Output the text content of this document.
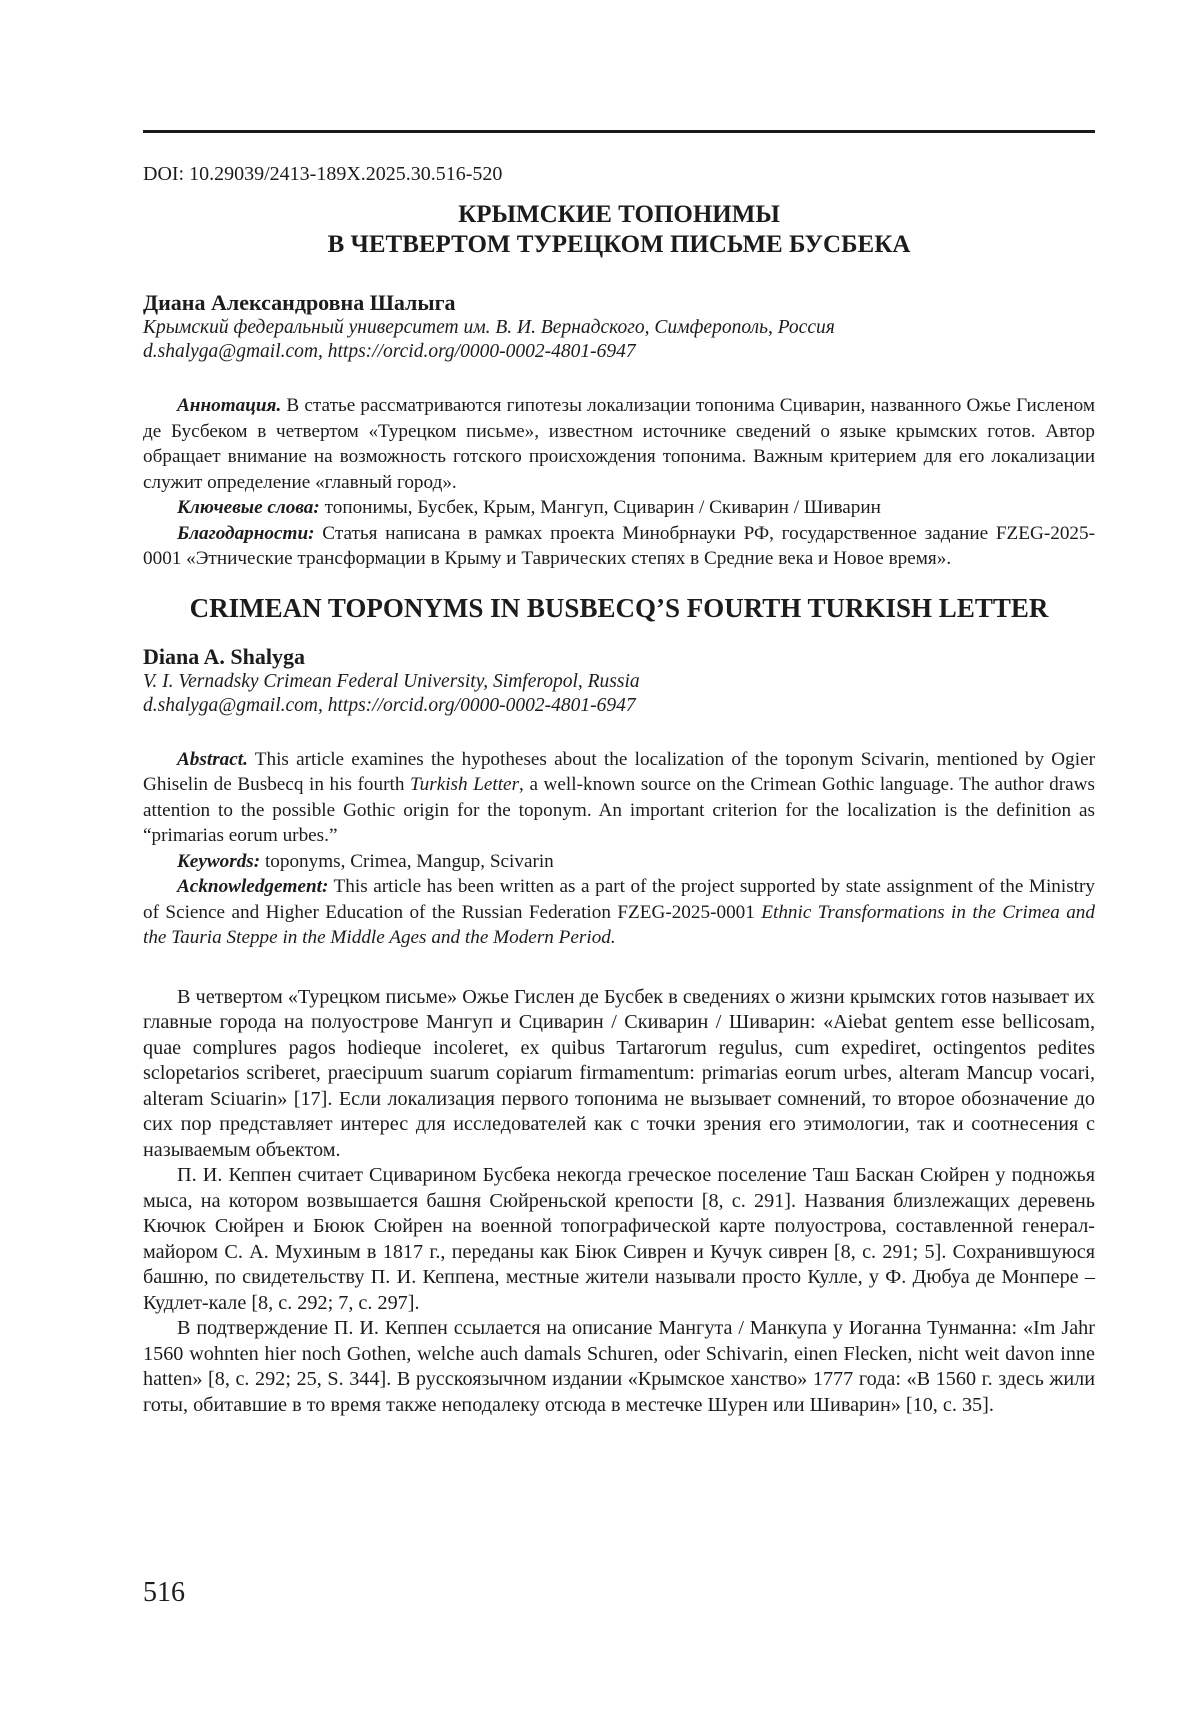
DOI: 10.29039/2413-189X.2025.30.516-520
КРЫМСКИЕ ТОПОНИМЫ
В ЧЕТВЕРТОМ ТУРЕЦКОМ ПИСЬМЕ БУСБЕКА
Диана Александровна Шалыга
Крымский федеральный университет им. В. И. Вернадского, Симферополь, Россия
d.shalyga@gmail.com, https://orcid.org/0000-0002-4801-6947

Аннотация. В статье рассматриваются гипотезы локализации топонима Сциварин, названного Ожье Гисленом де Бусбеком в четвертом «Турецком письме», известном источнике сведений о языке крымских готов. Автор обращает внимание на возможность готского происхождения топонима. Важным критерием для его локализации служит определение «главный город».

Ключевые слова: топонимы, Бусбек, Крым, Мангуп, Сциварин / Скиварин / Шиварин

Благодарности: Статья написана в рамках проекта Минобрнауки РФ, государственное задание FZEG-2025-0001 «Этнические трансформации в Крыму и Таврических степях в Средние века и Новое время».

CRIMEAN TOPONYMS IN BUSBECQ’S FOURTH TURKISH LETTER
Diana A. Shalyga
V. I. Vernadsky Crimean Federal University, Simferopol, Russia
d.shalyga@gmail.com, https://orcid.org/0000-0002-4801-6947

Abstract. This article examines the hypotheses about the localization of the toponym Scivarin, mentioned by Ogier Ghiselin de Busbecq in his fourth Turkish Letter, a well-known source on the Crimean Gothic language. The author draws attention to the possible Gothic origin for the toponym. An important criterion for the localization is the definition as “primarias eorum urbes.”

Keywords: toponyms, Crimea, Mangup, Scivarin

Acknowledgement: This article has been written as a part of the project supported by state assignment of the Ministry of Science and Higher Education of the Russian Federation FZEG-2025-0001 Ethnic Transformations in the Crimea and the Tauria Steppe in the Middle Ages and the Modern Period.

В четвертом «Турецком письме» Ожье Гислен де Бусбек в сведениях о жизни крымских готов называет их главные города на полуострове Мангуп и Сциварин / Скиварин / Шиварин: «Aiebat gentem esse bellicosam, quae complures pagos hodieque incoleret, ex quibus Tartarorum regulus, cum expediret, octingentos pedites sclopetarios scriberet, praecipuum suarum copiarum firmamentum: primarias eorum urbes, alteram Mancup vocari, alteram Sciuarin» [17]. Если локализация первого топонима не вызывает сомнений, то второе обозначение до сих пор представляет интерес для исследователей как с точки зрения его этимологии, так и соотнесения с называемым объектом.

П. И. Кеппен считает Сциварином Бусбека некогда греческое поселение Таш Баскан Сюйрен у подножья мыса, на котором возвышается башня Сюйреньской крепости [8, с. 291]. Названия близлежащих деревень Кючюк Сюйрен и Бююк Сюйрен на военной топографической карте полуострова, составленной генерал-майором С. А. Мухиным в 1817 г., переданы как Бiюк Сиврен и Кучук сиврен [8, с. 291; 5]. Сохранившуюся башню, по свидетельству П. И. Кеппена, местные жители называли просто Кулле, у Ф. Дюбуа де Монпере – Кудлет-кале [8, с. 292; 7, с. 297].

В подтверждение П. И. Кеппен ссылается на описание Мангута / Манкупа у Иоганна Тунманна: «Im Jahr 1560 wohnten hier noch Gothen, welche auch damals Schuren, oder Schivarin, einen Flecken, nicht weit davon inne hatten» [8, с. 292; 25, S. 344]. В русскоязычном издании «Крымское ханство» 1777 года: «В 1560 г. здесь жили готы, обитавшие в то время также неподалеку отсюда в местечке Шурен или Шиварин» [10, с. 35].

516
